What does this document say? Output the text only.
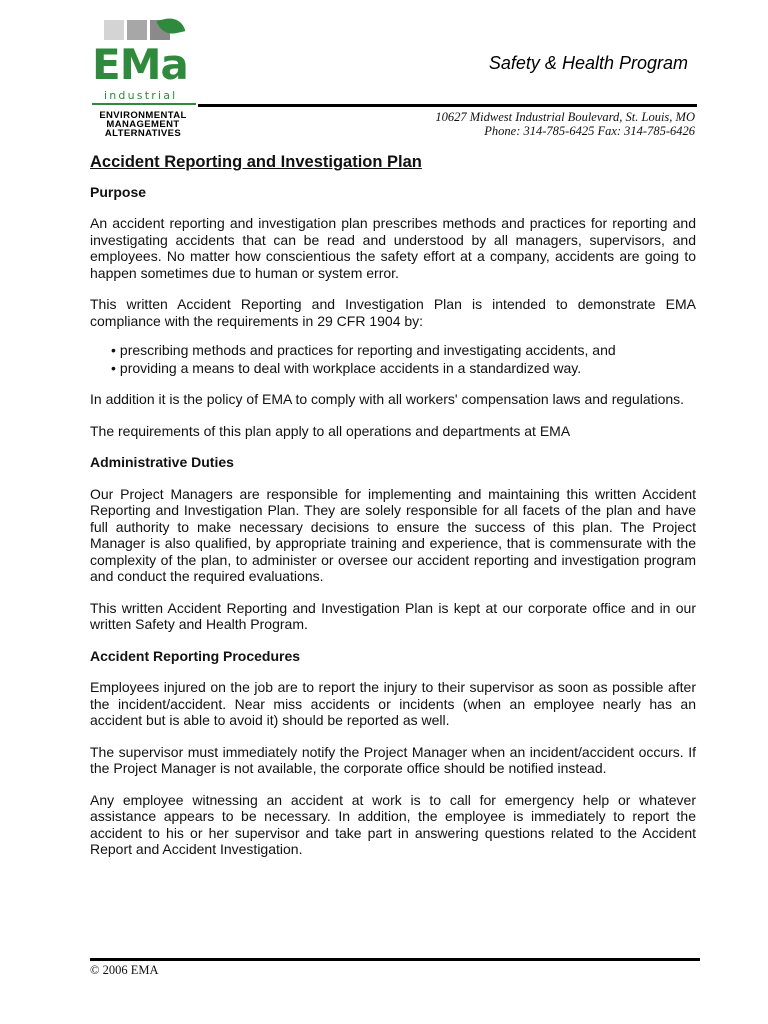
EMa
industrial
ENVIRONMENTAL
MANAGEMENT
ALTERNATIVES
Safety & Health Program
10627 Midwest Industrial Boulevard, St. Louis, MO
Phone: 314-785-6425 Fax: 314-785-6426
Accident Reporting and Investigation Plan
Purpose
An accident reporting and investigation plan prescribes methods and practices for reporting and investigating accidents that can be read and understood by all managers, supervisors, and employees. No matter how conscientious the safety effort at a company, accidents are going to happen sometimes due to human or system error.
This written Accident Reporting and Investigation Plan is intended to demonstrate EMA compliance with the requirements in 29 CFR 1904 by:
• prescribing methods and practices for reporting and investigating accidents, and
• providing a means to deal with workplace accidents in a standardized way.
In addition it is the policy of EMA to comply with all workers' compensation laws and regulations.
The requirements of this plan apply to all operations and departments at EMA
Administrative Duties
Our Project Managers are responsible for implementing and maintaining this written Accident Reporting and Investigation Plan. They are solely responsible for all facets of the plan and have full authority to make necessary decisions to ensure the success of this plan. The Project Manager is also qualified, by appropriate training and experience, that is commensurate with the complexity of the plan, to administer or oversee our accident reporting and investigation program and conduct the required evaluations.
This written Accident Reporting and Investigation Plan is kept at our corporate office and in our written Safety and Health Program.
Accident Reporting Procedures
Employees injured on the job are to report the injury to their supervisor as soon as possible after the incident/accident. Near miss accidents or incidents (when an employee nearly has an accident but is able to avoid it) should be reported as well.
The supervisor must immediately notify the Project Manager when an incident/accident occurs. If the Project Manager is not available, the corporate office should be notified instead.
Any employee witnessing an accident at work is to call for emergency help or whatever assistance appears to be necessary. In addition, the employee is immediately to report the accident to his or her supervisor and take part in answering questions related to the Accident Report and Accident Investigation.
© 2006 EMA
